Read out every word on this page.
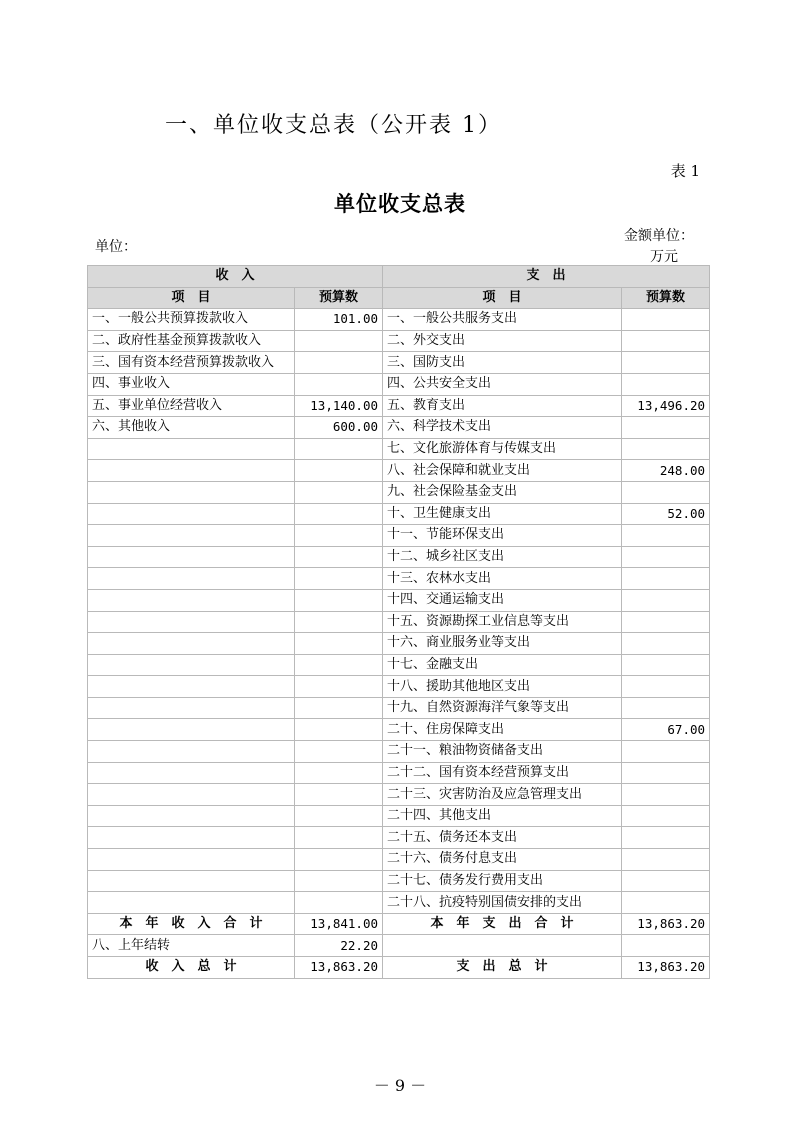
一、单位收支总表（公开表 1）
表 1
单位收支总表
单位：
金额单位：
万元
收　入		支　出	
项　目	预算数	项　目	预算数
一、一般公共预算拨款收入	101.00	一、一般公共服务支出	
二、政府性基金预算拨款收入		二、外交支出	
三、国有资本经营预算拨款收入		三、国防支出	
四、事业收入		四、公共安全支出	
五、事业单位经营收入	13,140.00	五、教育支出	13,496.20
六、其他收入	600.00	六、科学技术支出	
		七、文化旅游体育与传媒支出	
		八、社会保障和就业支出	248.00
		九、社会保险基金支出	
		十、卫生健康支出	52.00
		十一、节能环保支出	
		十二、城乡社区支出	
		十三、农林水支出	
		十四、交通运输支出	
		十五、资源勘探工业信息等支出	
		十六、商业服务业等支出	
		十七、金融支出	
		十八、援助其他地区支出	
		十九、自然资源海洋气象等支出	
		二十、住房保障支出	67.00
		二十一、粮油物资储备支出	
		二十二、国有资本经营预算支出	
		二十三、灾害防治及应急管理支出	
		二十四、其他支出	
		二十五、债务还本支出	
		二十六、债务付息支出	
		二十七、债务发行费用支出	
		二十八、抗疫特别国债安排的支出	
本　年　收　入　合　计	13,841.00	本　年　支　出　合　计	13,863.20
八、上年结转	22.20		
收　入　总　计	13,863.20	支　出　总　计	13,863.20
－ 9 －
